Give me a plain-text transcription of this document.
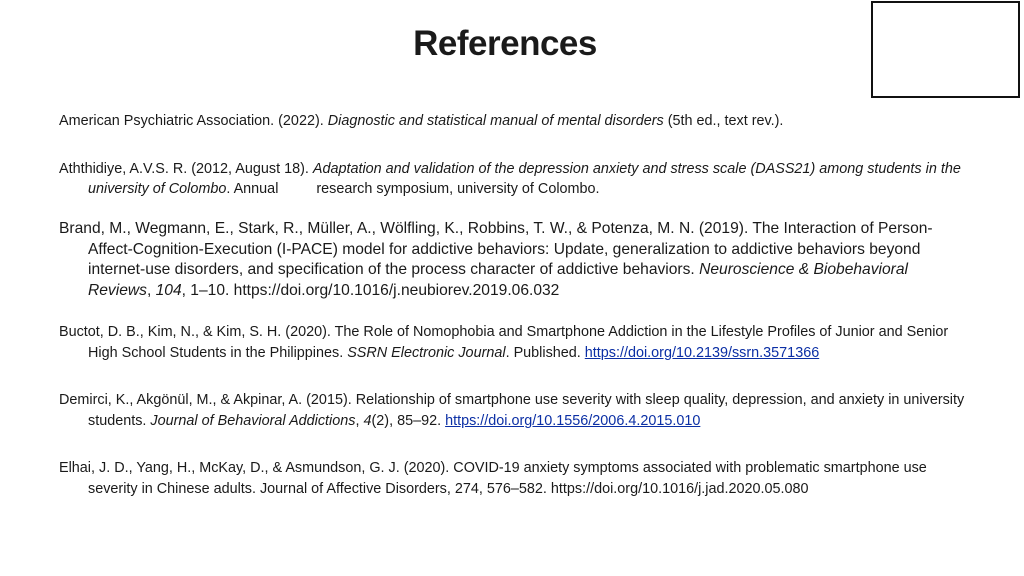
References

American Psychiatric Association. (2022). Diagnostic and statistical manual of mental disorders (5th ed., text rev.).

Aththidiye, A.V.S. R. (2012, August 18). Adaptation and validation of the depression anxiety and stress scale (DASS21) among students in the university of Colombo. Annual	research symposium, university of Colombo.

Brand, M., Wegmann, E., Stark, R., Müller, A., Wölfling, K., Robbins, T. W., & Potenza, M. N. (2019). The Interaction of Person-Affect-Cognition-Execution (I-PACE) model for addictive behaviors: Update, generalization to addictive behaviors beyond internet-use disorders, and specification of the process character of addictive behaviors. Neuroscience & Biobehavioral Reviews, 104, 1–10. https://doi.org/10.1016/j.neubiorev.2019.06.032

Buctot, D. B., Kim, N., & Kim, S. H. (2020). The Role of Nomophobia and Smartphone Addiction in the Lifestyle Profiles of Junior and Senior High School Students in the Philippines. SSRN Electronic Journal. Published. https://doi.org/10.2139/ssrn.3571366

Demirci, K., Akgönül, M., & Akpinar, A. (2015). Relationship of smartphone use severity with sleep quality, depression, and anxiety in university students. Journal of Behavioral Addictions, 4(2), 85–92. https://doi.org/10.1556/2006.4.2015.010

Elhai, J. D., Yang, H., McKay, D., & Asmundson, G. J. (2020). COVID-19 anxiety symptoms associated with problematic smartphone use severity in Chinese adults. Journal of Affective Disorders, 274, 576–582. https://doi.org/10.1016/j.jad.2020.05.080
